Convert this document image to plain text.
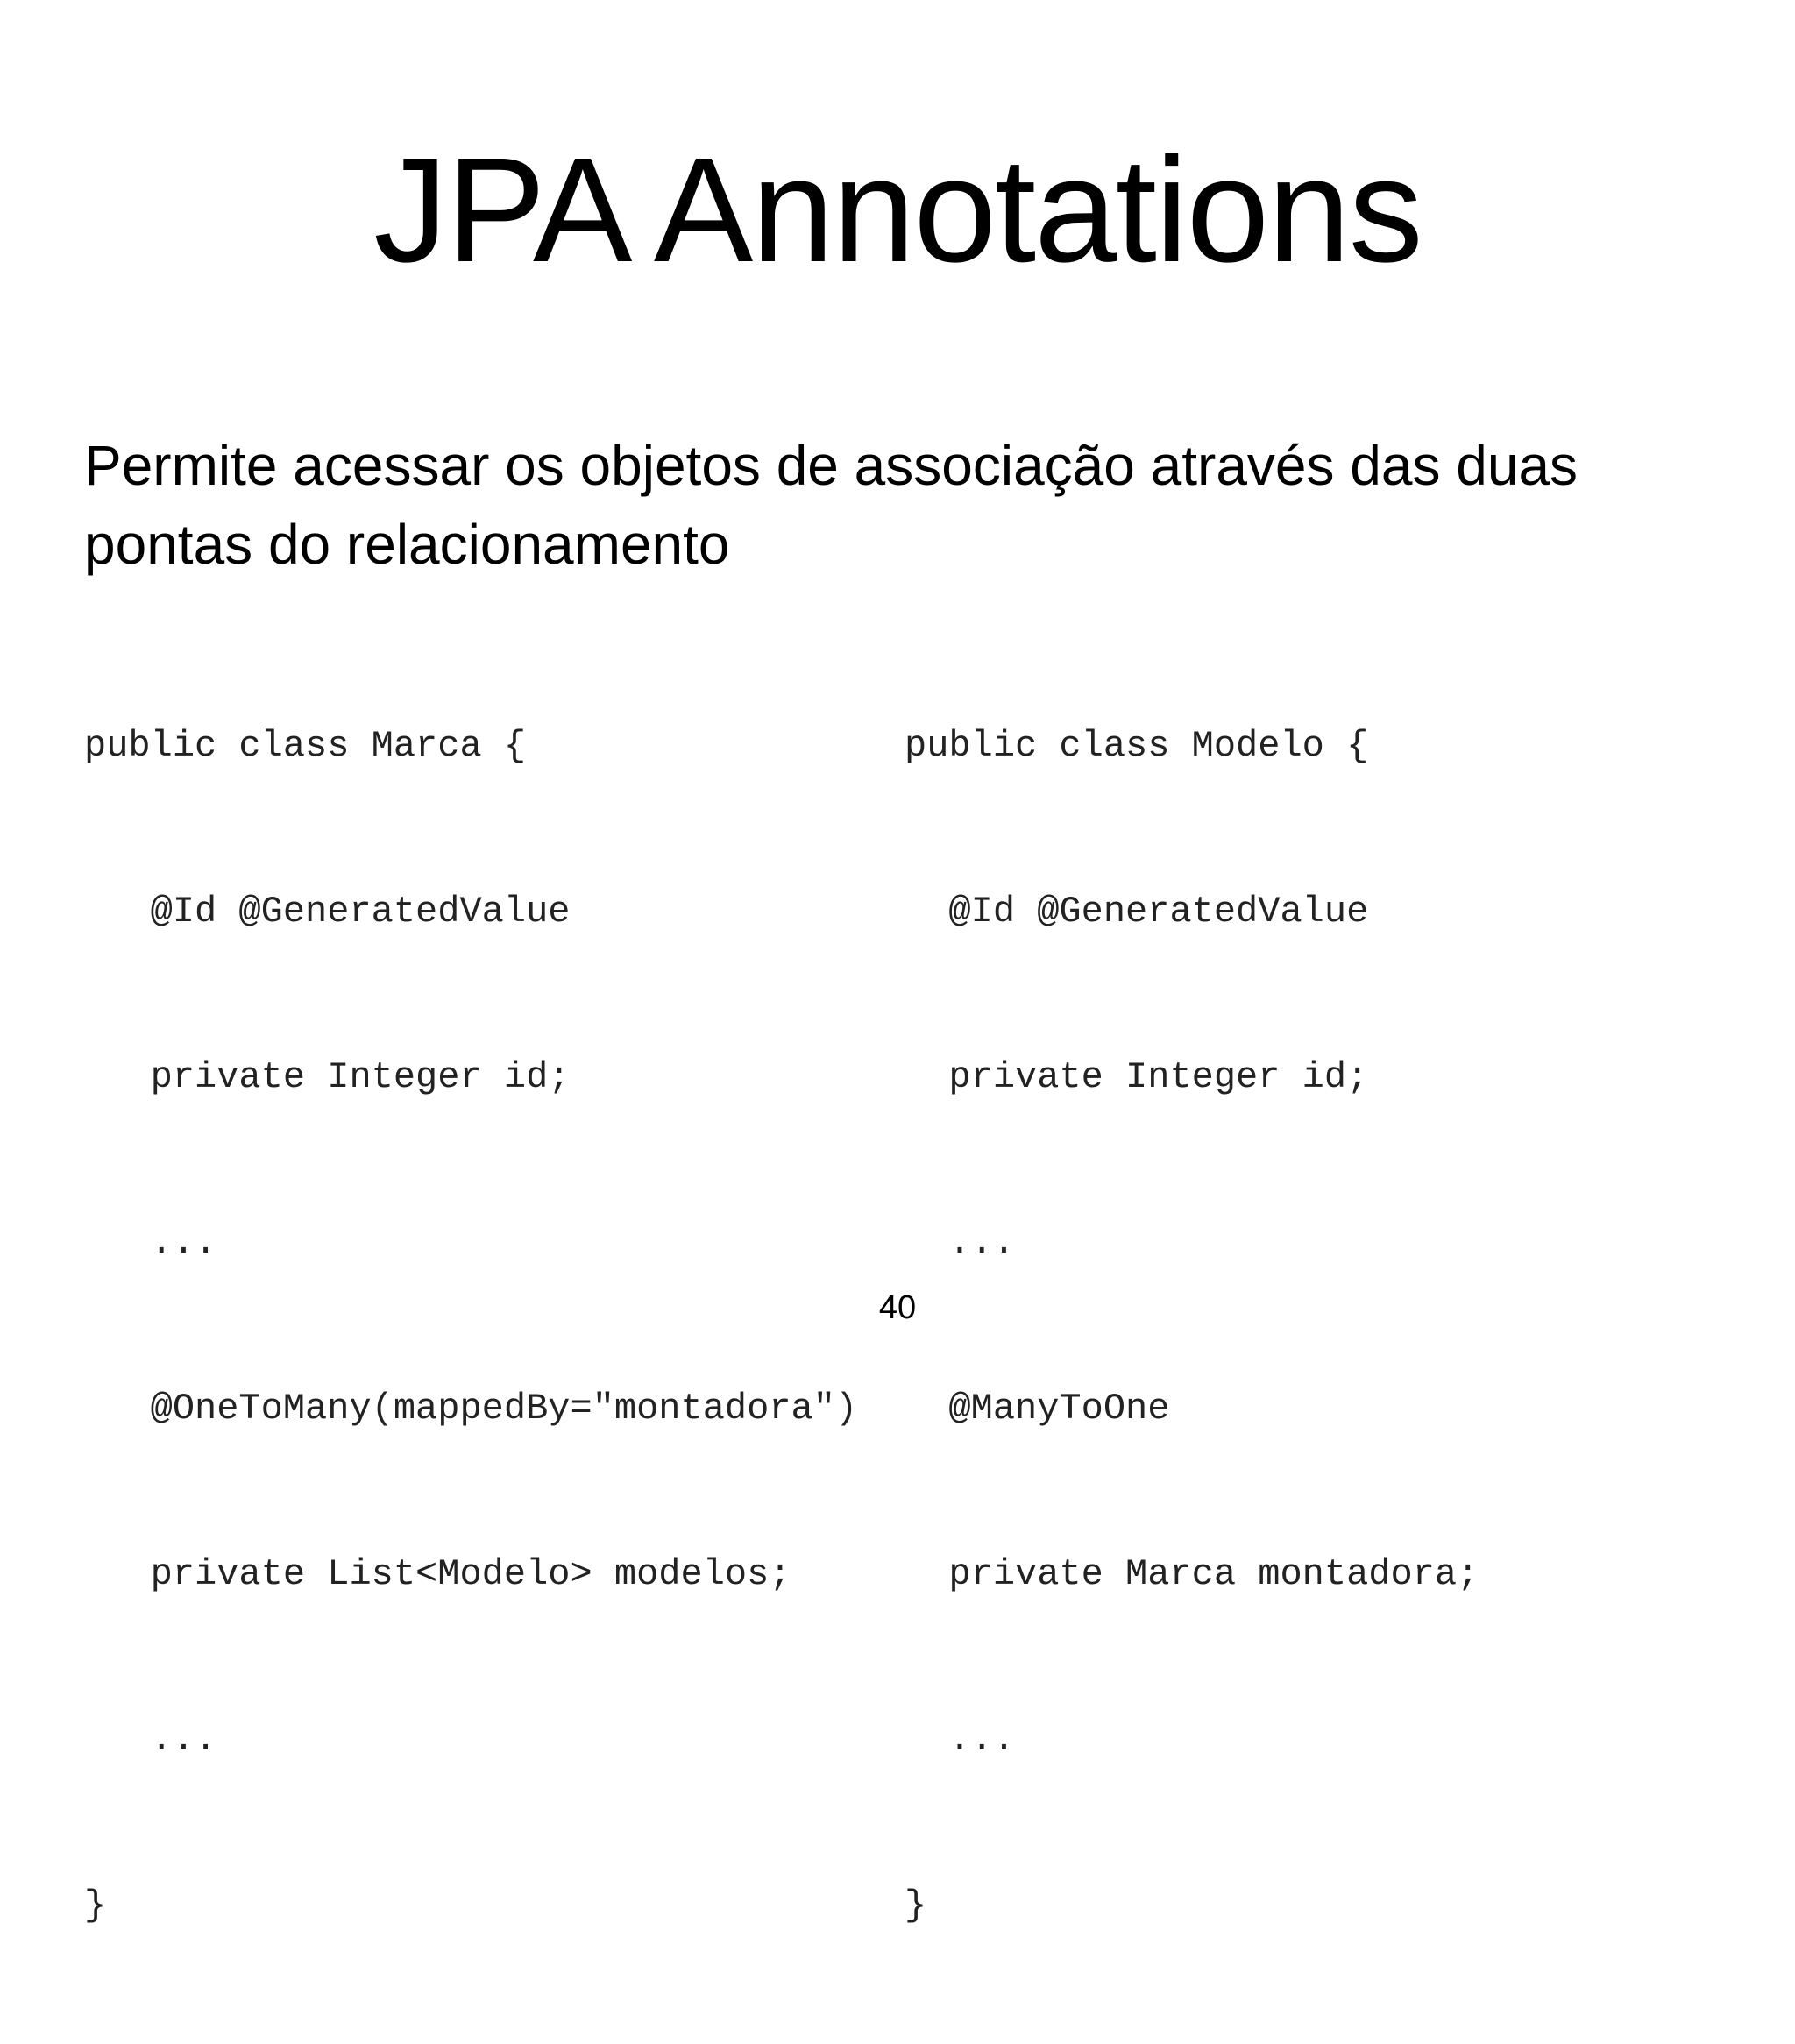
JPA Annotations

Permite acessar os objetos de associação através das duas pontas do relacionamento

public class Marca {

@Id @GeneratedValue

private Integer id;

...

@OneToMany(mappedBy="montadora")

private List<Modelo> modelos;

...

}

public class Modelo {

@Id @GeneratedValue

private Integer id;

...

@ManyToOne

private Marca montadora;

...

}

40
